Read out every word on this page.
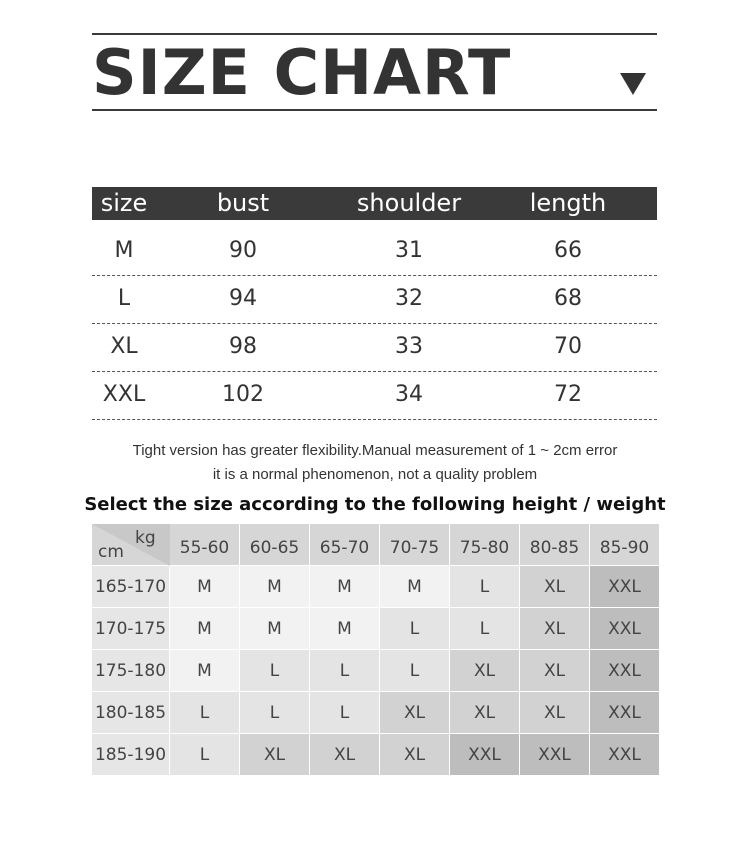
SIZE CHART
size	bust	shoulder	length
M	90	31	66
L	94	32	68
XL	98	33	70
XXL	102	34	72
Tight version has greater flexibility.Manual measurement of 1 ~ 2cm error
it is a normal phenomenon, not a quality problem
Select the size according to the following height / weight
kg
cm	55-60	60-65	65-70	70-75	75-80	80-85	85-90
165-170	M	M	M	M	L	XL	XXL
170-175	M	M	M	L	L	XL	XXL
175-180	M	L	L	L	XL	XL	XXL
180-185	L	L	L	XL	XL	XL	XXL
185-190	L	XL	XL	XL	XXL	XXL	XXL
